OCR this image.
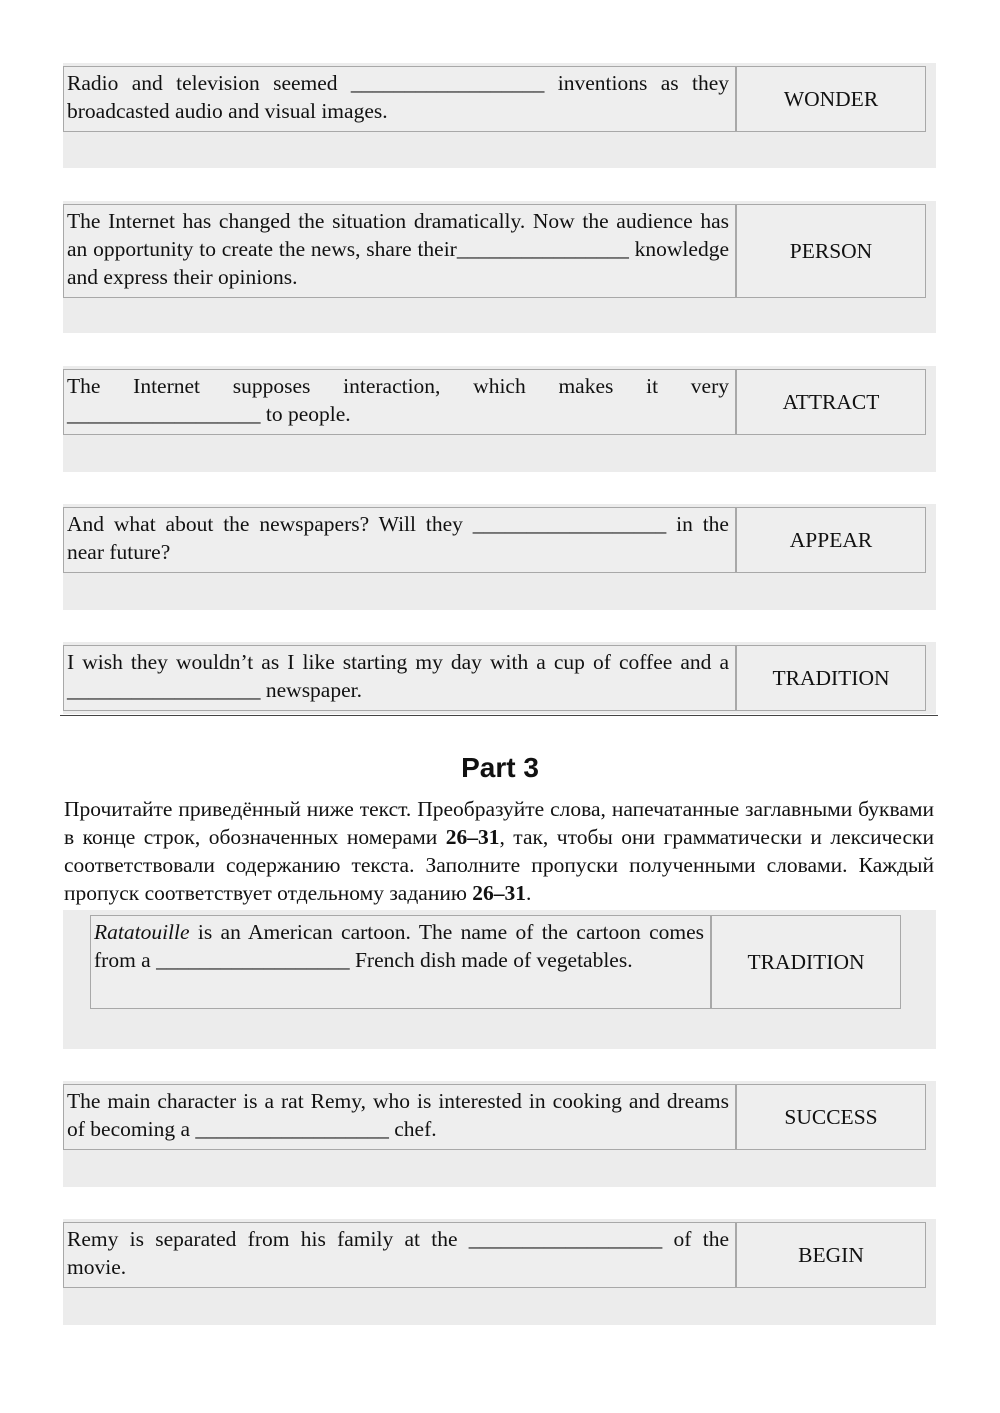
Radio and television seemed __________________ inventions as they broadcasted audio and visual images.
WONDER
The Internet has changed the situation dramatically. Now the audience has an opportunity to create the news, share their________________ knowledge and express their opinions.
PERSON
The Internet supposes interaction, which makes it very __________________ to people.
ATTRACT
And what about the newspapers? Will they __________________ in the near future?
APPEAR
I wish they wouldn’t as I like starting my day with a cup of coffee and a __________________ newspaper.
TRADITION
Part 3
Прочитайте приведённый ниже текст. Преобразуйте слова, напечатанные заглавными буквами в конце строк, обозначенных номерами 26–31, так, чтобы они грамматически и лексически соответствовали содержанию текста. Заполните пропуски полученными словами. Каждый пропуск соответствует отдельному заданию 26–31.
Ratatouille is an American cartoon. The name of the cartoon comes from a __________________ French dish made of vegetables.	TRADITION
The main character is a rat Remy, who is interested in cooking and dreams of becoming a __________________ chef.
SUCCESS
Remy is separated from his family at the __________________ of the movie.
BEGIN
